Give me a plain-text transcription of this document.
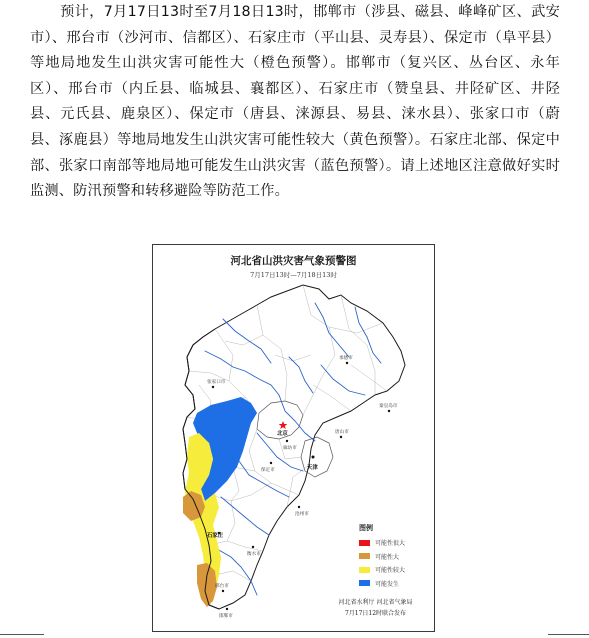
预计，7月17日13时至7月18日13时，邯郸市（涉县、磁县、峰峰矿区、武安市）、邢台市（沙河市、信都区）、石家庄市（平山县、灵寿县）、保定市（阜平县）等地局地发生山洪灾害可能性大（橙色预警）。邯郸市（复兴区、丛台区、永年区）、邢台市（内丘县、临城县、襄都区）、石家庄市（赞皇县、井陉矿区、井陉县、元氏县、鹿泉区）、保定市（唐县、涞源县、易县、涞水县）、张家口市（蔚县、涿鹿县）等地局地发生山洪灾害可能性较大（黄色预警）。石家庄北部、保定中部、张家口南部等地局地可能发生山洪灾害（蓝色预警）。请上述地区注意做好实时监测、防汛预警和转移避险等防范工作。

张家口市
承德市
秦皇岛市
北京	唐山市
廊坊市
天津
保定市
沧州市
石家庄
衡水市
邢台市
邯郸市
河北省山洪灾害气象预警图
7月17日13时—7月18日13时
图例
可能性很大
可能性大
可能性较大
可能发生
河北省水利厅 河北省气象局
7月17日12时联合发布
